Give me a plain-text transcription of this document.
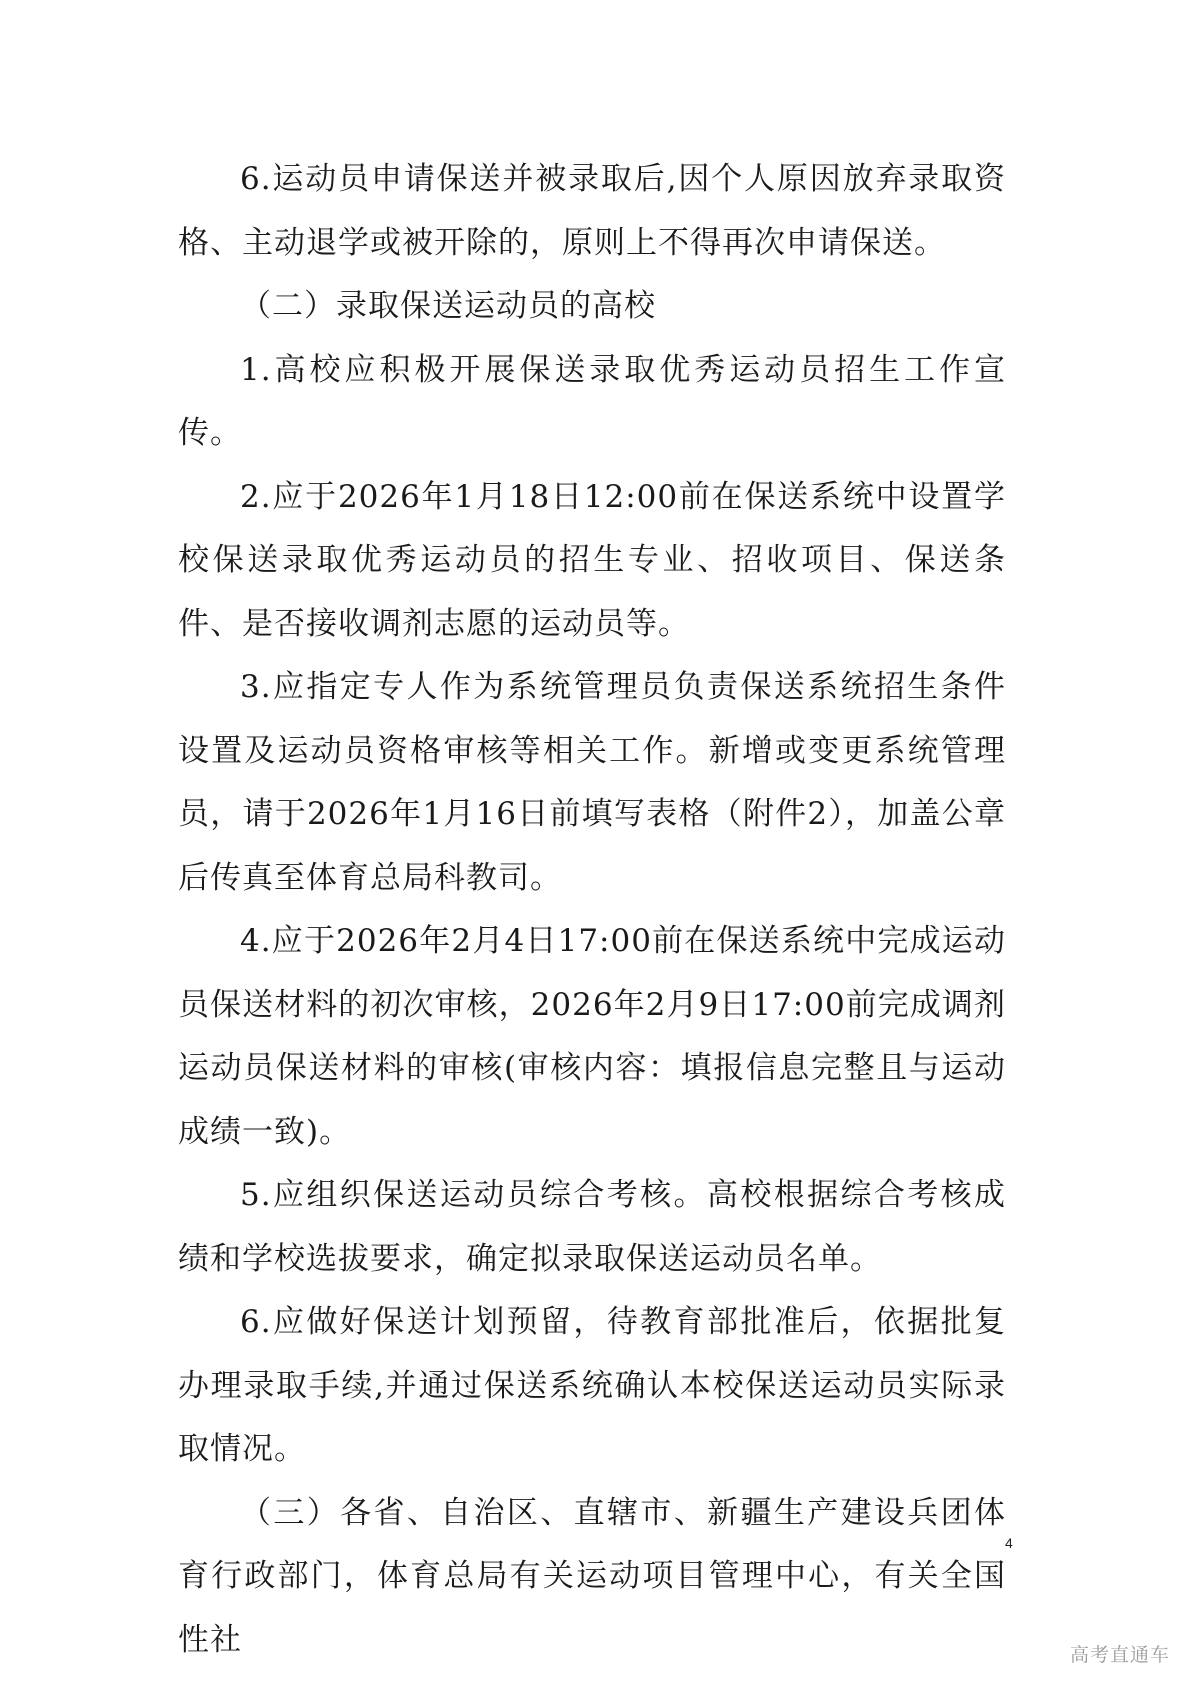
6.运动员申请保送并被录取后,因个人原因放弃录取资格、主动退学或被开除的，原则上不得再次申请保送。

（二）录取保送运动员的高校

1.高校应积极开展保送录取优秀运动员招生工作宣传。

2.应于2026年1月18日12:00前在保送系统中设置学校保送录取优秀运动员的招生专业、招收项目、保送条件、是否接收调剂志愿的运动员等。

3.应指定专人作为系统管理员负责保送系统招生条件设置及运动员资格审核等相关工作。新增或变更系统管理员，请于2026年1月16日前填写表格（附件2），加盖公章后传真至体育总局科教司。

4.应于2026年2月4日17:00前在保送系统中完成运动员保送材料的初次审核，2026年2月9日17:00前完成调剂运动员保送材料的审核(审核内容：填报信息完整且与运动成绩一致)。

5.应组织保送运动员综合考核。高校根据综合考核成绩和学校选拔要求，确定拟录取保送运动员名单。

6.应做好保送计划预留，待教育部批准后，依据批复办理录取手续,并通过保送系统确认本校保送运动员实际录取情况。

（三）各省、自治区、直辖市、新疆生产建设兵团体育行政部门，体育总局有关运动项目管理中心，有关全国性社

4
高考直通车
